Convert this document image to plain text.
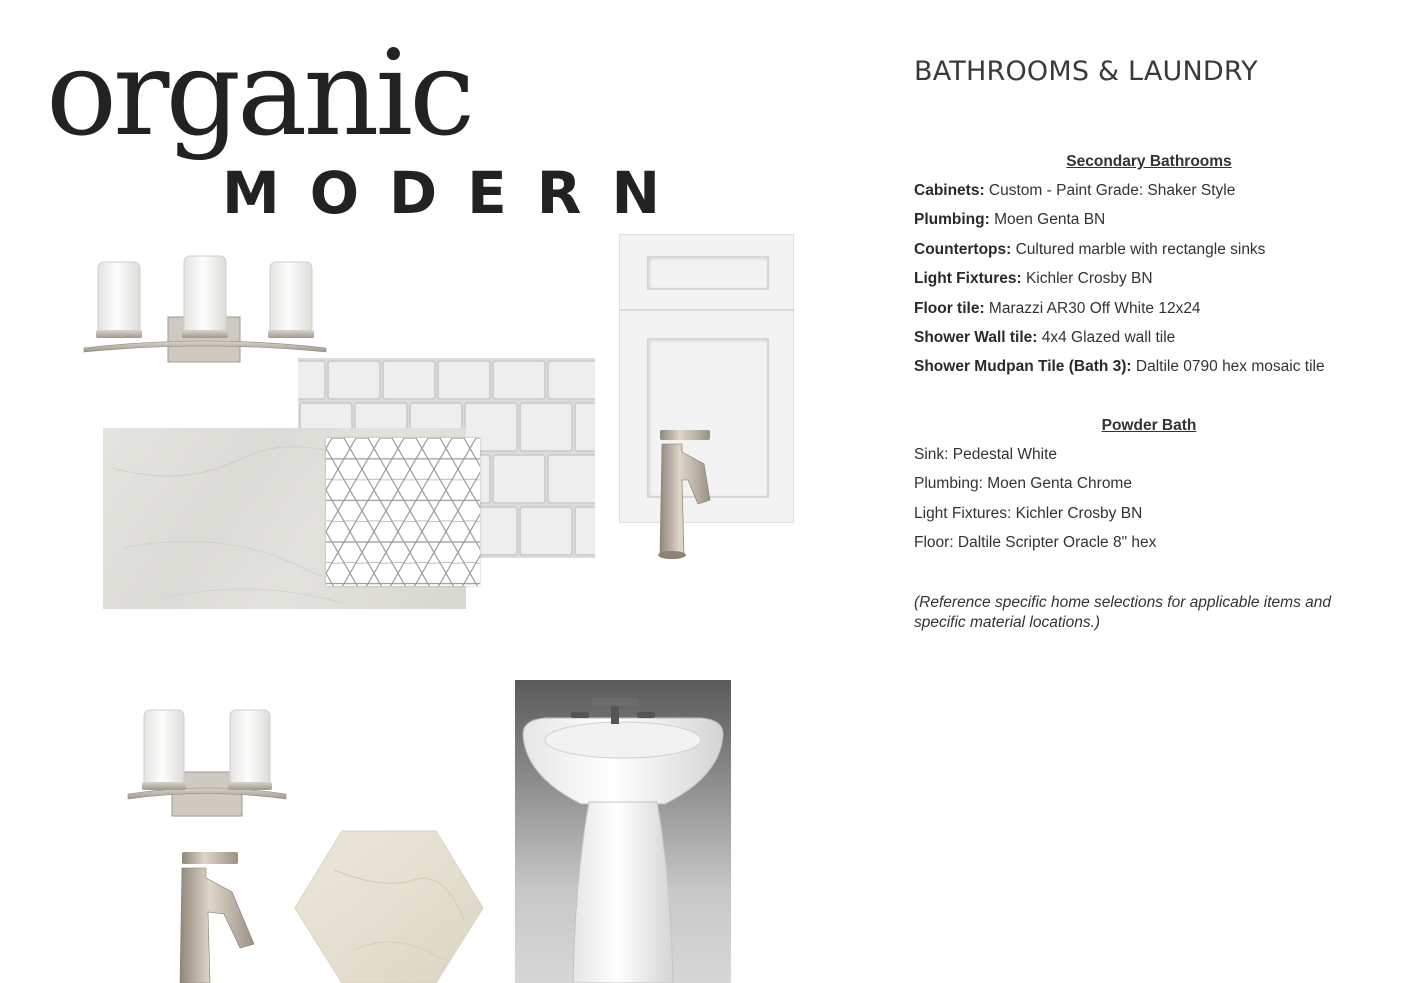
organic
MODERN
BATHROOMS & LAUNDRY

Secondary Bathrooms

Cabinets: Custom - Paint Grade: Shaker Style

Plumbing: Moen Genta BN

Countertops: Cultured marble with rectangle sinks

Light Fixtures: Kichler Crosby BN

Floor tile: Marazzi AR30 Off White 12x24

Shower Wall tile: 4x4 Glazed wall tile

Shower Mudpan Tile (Bath 3): Daltile 0790 hex mosaic tile

Powder Bath

Sink: Pedestal White

Plumbing: Moen Genta Chrome

Light Fixtures: Kichler Crosby BN

Floor: Daltile Scripter Oracle 8" hex

(Reference specific home selections for applicable items and specific material locations.)
